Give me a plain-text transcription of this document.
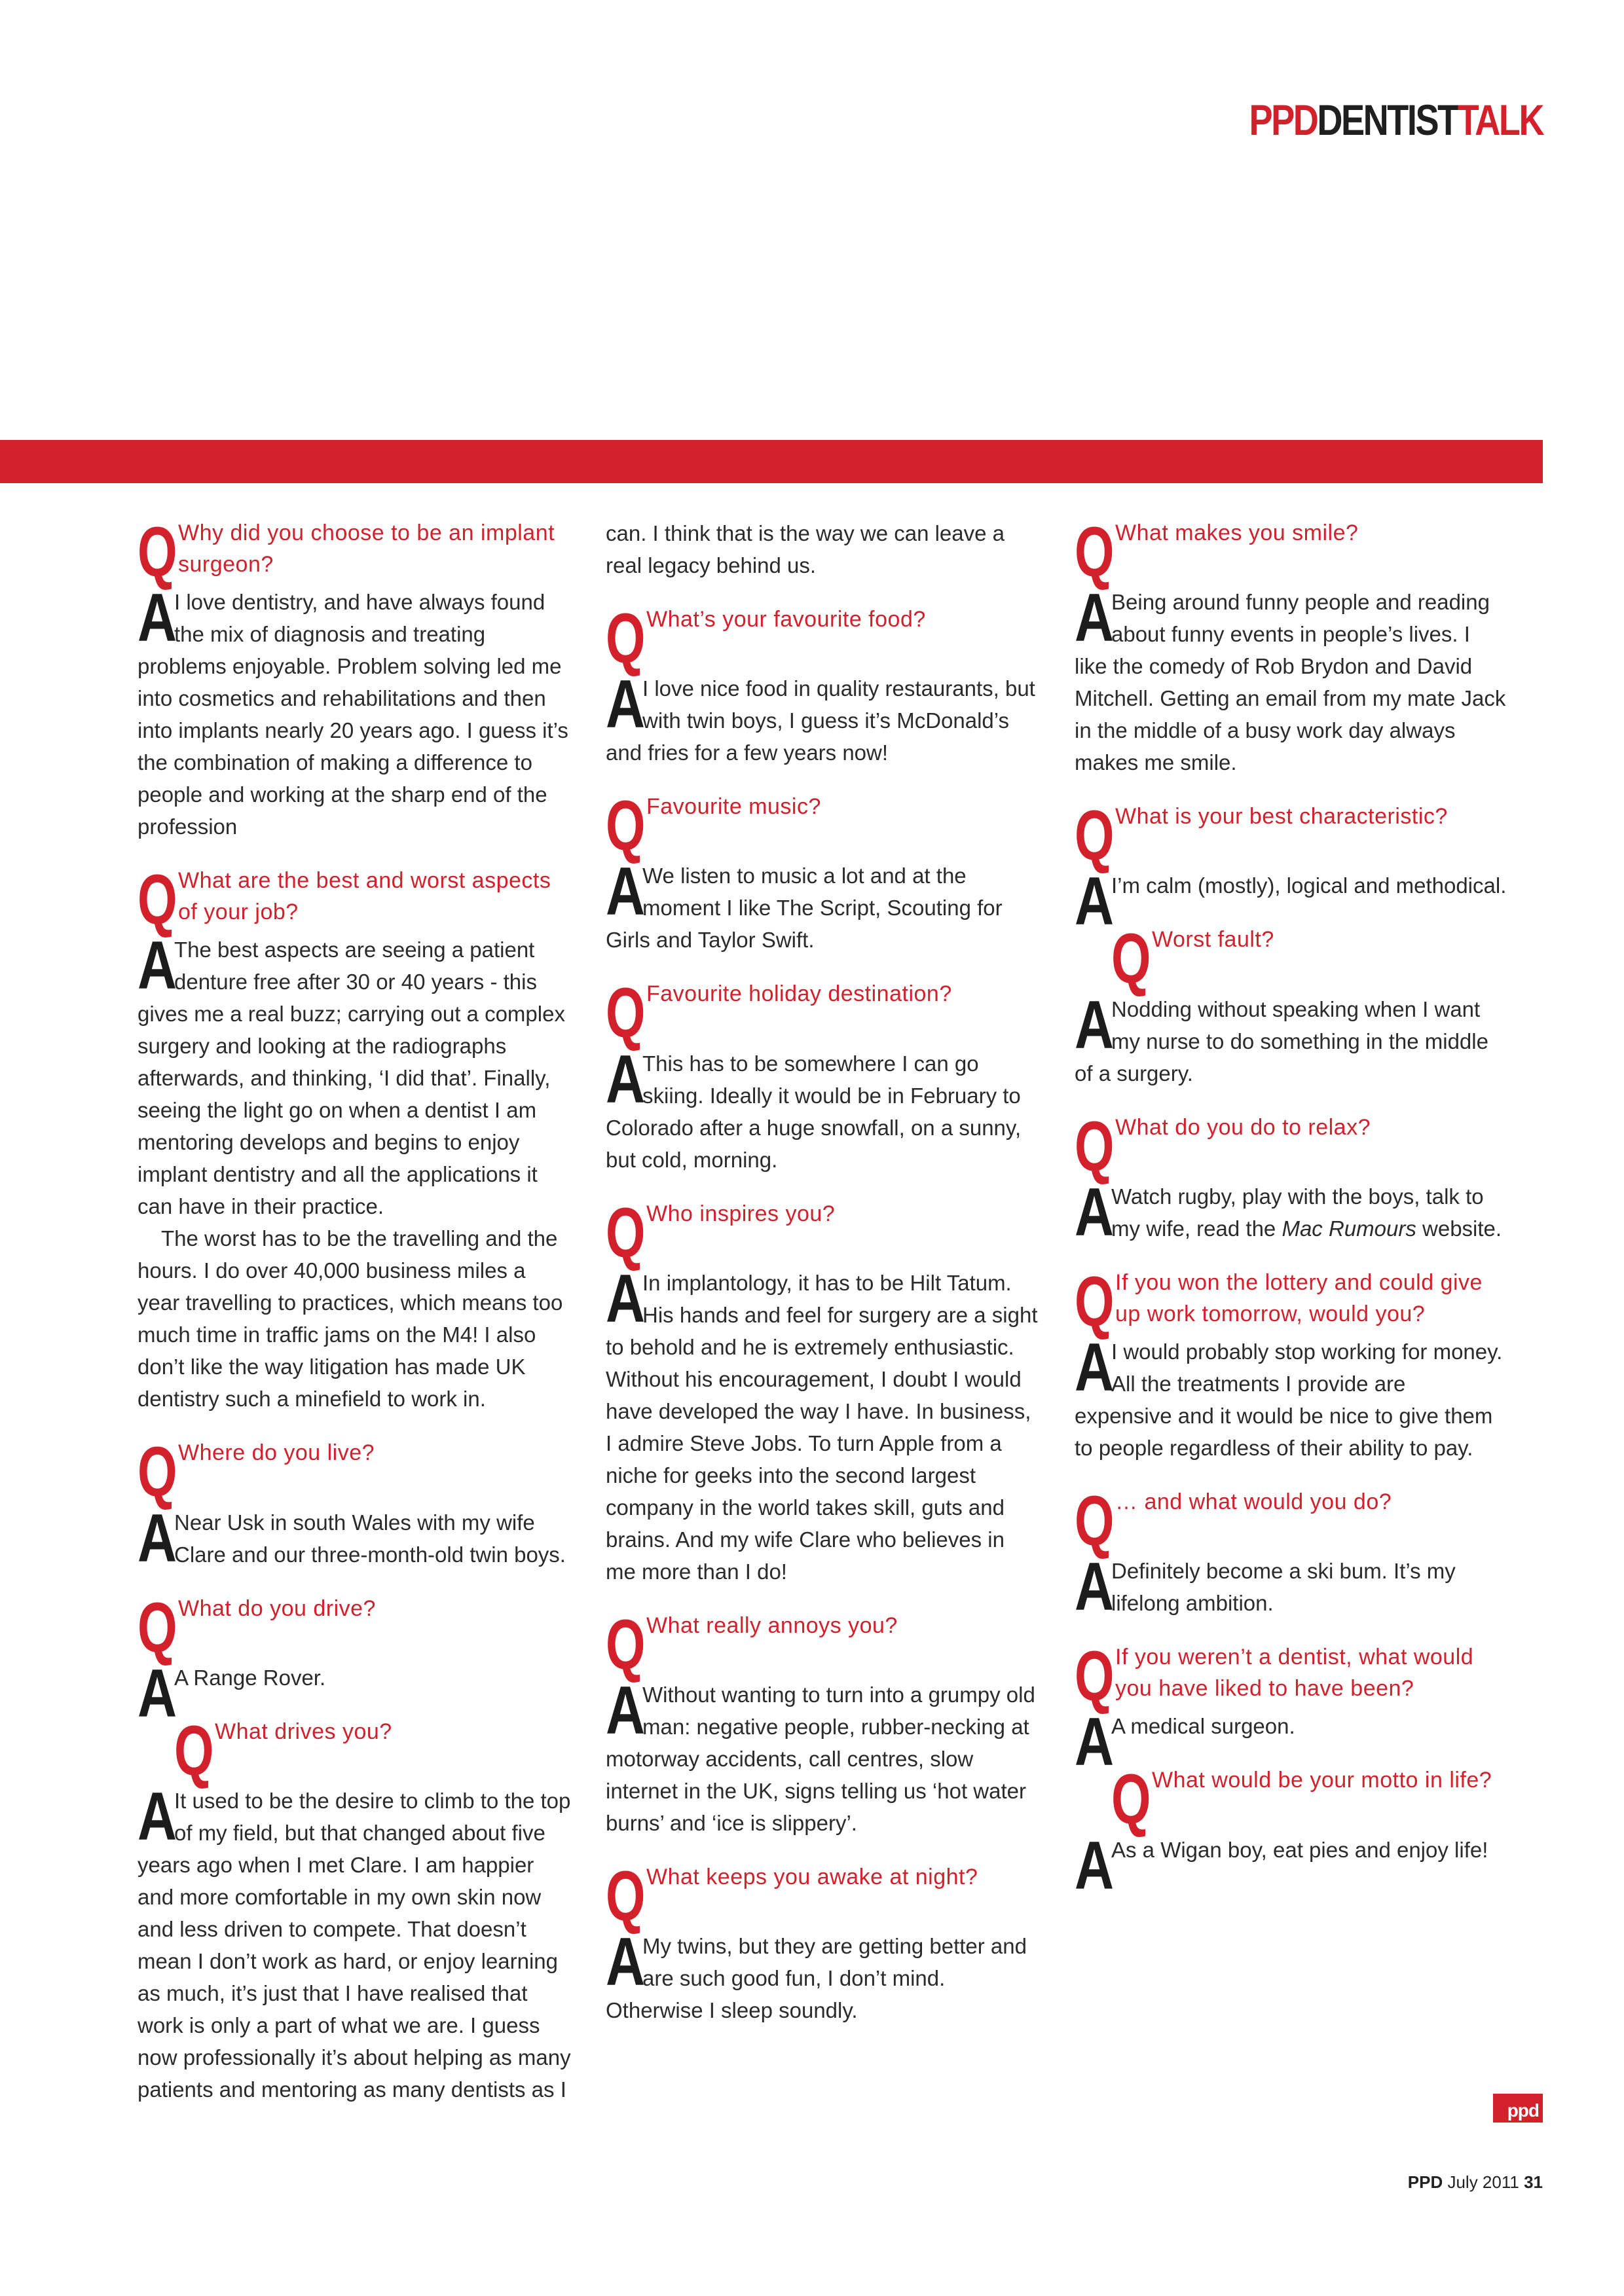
PPDDENTISTTALK
Q Why did you choose to be an implant surgeon?
A

I love dentistry, and have always found the mix of diagnosis and treating problems enjoyable. Problem solving led me into cosmetics and rehabilitations and then into implants nearly 20 years ago. I guess it’s the combination of making a difference to people and working at the sharp end of the profession

Q What are the best and worst aspects of your job?
A

The best aspects are seeing a patient denture free after 30 or 40 years - this gives me a real buzz; carrying out a complex surgery and looking at the radiographs afterwards, and thinking, ‘I did that’. Finally, seeing the light go on when a dentist I am mentoring develops and begins to enjoy implant dentistry and all the applications it can have in their practice.

The worst has to be the travelling and the hours. I do over 40,000 business miles a year travelling to practices, which means too much time in traffic jams on the M4! I also don’t like the way litigation has made UK dentistry such a minefield to work in.

Q Where do you live?
A

Near Usk in south Wales with my wife Clare and our three-month-old twin boys.

Q What do you drive?
A

A Range Rover.

Q What drives you?
A

It used to be the desire to climb to the top of my field, but that changed about five years ago when I met Clare. I am happier and more comfortable in my own skin now and less driven to compete. That doesn’t mean I don’t work as hard, or enjoy learning as much, it’s just that I have realised that work is only a part of what we are. I guess now professionally it’s about helping as many patients and mentoring as many dentists as I

can. I think that is the way we can leave a real legacy behind us.

Q What’s your favourite food?
A

I love nice food in quality restaurants, but with twin boys, I guess it’s McDonald’s and fries for a few years now!

Q Favourite music?
A

We listen to music a lot and at the moment I like The Script, Scouting for Girls and Taylor Swift.

Q Favourite holiday destination?
A

This has to be somewhere I can go skiing. Ideally it would be in February to Colorado after a huge snowfall, on a sunny, but cold, morning.

Q Who inspires you?
A

In implantology, it has to be Hilt Tatum. His hands and feel for surgery are a sight to behold and he is extremely enthusiastic. Without his encouragement, I doubt I would have developed the way I have. In business, I admire Steve Jobs. To turn Apple from a niche for geeks into the second largest company in the world takes skill, guts and brains. And my wife Clare who believes in me more than I do!

Q What really annoys you?
A

Without wanting to turn into a grumpy old man: negative people, rubber-necking at motorway accidents, call centres, slow internet in the UK, signs telling us ‘hot water burns’ and ‘ice is slippery’.

Q What keeps you awake at night?
A

My twins, but they are getting better and are such good fun, I don’t mind. Otherwise I sleep soundly.

Q What makes you smile?
A

Being around funny people and reading about funny events in people’s lives. I like the comedy of Rob Brydon and David Mitchell. Getting an email from my mate Jack in the middle of a busy work day always makes me smile.

Q What is your best characteristic?
A

I’m calm (mostly), logical and methodical.

Q Worst fault?
A

Nodding without speaking when I want my nurse to do something in the middle of a surgery.

Q What do you do to relax?
A

Watch rugby, play with the boys, talk to my wife, read the Mac Rumours website.

Q If you won the lottery and could give up work tomorrow, would you?
A

I would probably stop working for money. All the treatments I provide are expensive and it would be nice to give them to people regardless of their ability to pay.

Q … and what would you do?
A

Definitely become a ski bum. It’s my lifelong ambition.

Q If you weren’t a dentist, what would you have liked to have been?
A

A medical surgeon.

Q What would be your motto in life?
A

As a Wigan boy, eat pies and enjoy life!

ppd
PPD July 2011 31
